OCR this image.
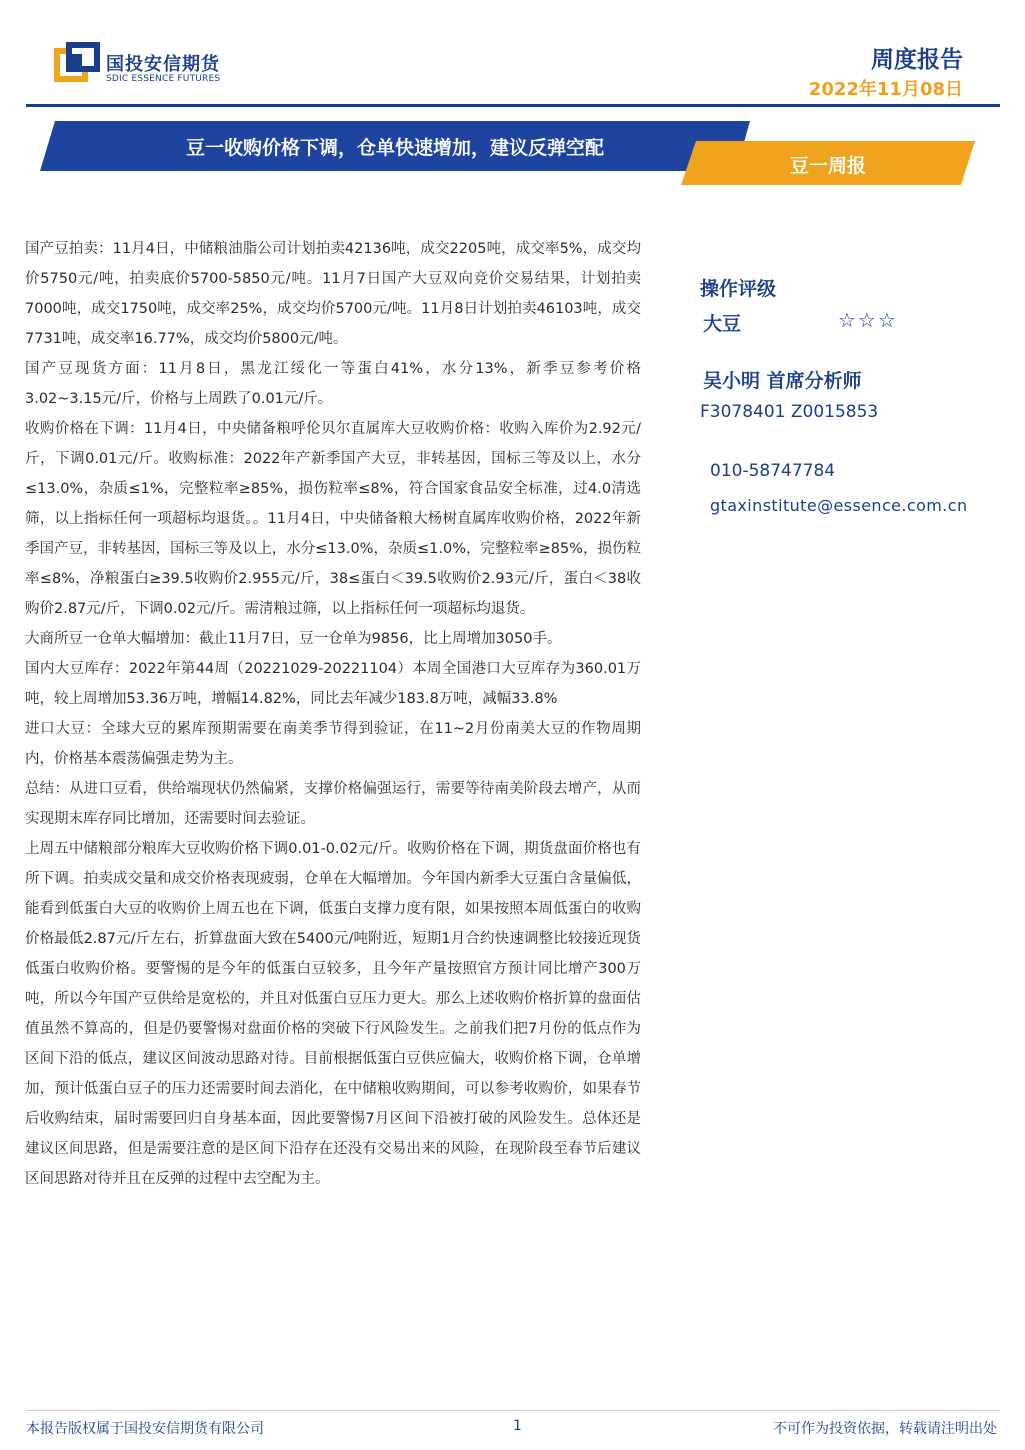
国投安信期货
SDIC ESSENCE FUTURES
周度报告
2022年11月08日
豆一收购价格下调，仓单快速增加，建议反弹空配
豆一周报

国产豆拍卖：11月4日，中储粮油脂公司计划拍卖42136吨，成交2205吨，成交率5%，成交均价5750元/吨，拍卖底价5700-5850元/吨。11月7日国产大豆双向竞价交易结果，计划拍卖7000吨，成交1750吨，成交率25%，成交均价5700元/吨。11月8日计划拍卖46103吨，成交7731吨，成交率16.77%，成交均价5800元/吨。

国产豆现货方面：11月8日，黑龙江绥化一等蛋白41%，水分13%，新季豆参考价格3.02~3.15元/斤，价格与上周跌了0.01元/斤。

收购价格在下调：11月4日，中央储备粮呼伦贝尔直属库大豆收购价格：收购入库价为2.92元/斤，下调0.01元/斤。收购标准：2022年产新季国产大豆，非转基因，国标三等及以上，水分≤13.0%，杂质≤1%，完整粒率≥85%，损伤粒率≤8%，符合国家食品安全标准，过4.0清选筛，以上指标任何一项超标均退货。。11月4日，中央储备粮大杨树直属库收购价格，2022年新季国产豆，非转基因，国标三等及以上，水分≤13.0%，杂质≤1.0%，完整粒率≥85%，损伤粒率≤8%，净粮蛋白≥39.5收购价2.955元/斤，38≤蛋白＜39.5收购价2.93元/斤，蛋白＜38收购价2.87元/斤，下调0.02元/斤。需清粮过筛，以上指标任何一项超标均退货。

大商所豆一仓单大幅增加：截止11月7日，豆一仓单为9856，比上周增加3050手。

国内大豆库存：2022年第44周（20221029-20221104）本周全国港口大豆库存为360.01万吨，较上周增加53.36万吨，增幅14.82%，同比去年减少183.8万吨，减幅33.8%

进口大豆：全球大豆的累库预期需要在南美季节得到验证，在11~2月份南美大豆的作物周期内，价格基本震荡偏强走势为主。

总结：从进口豆看，供给端现状仍然偏紧，支撑价格偏强运行，需要等待南美阶段去增产，从而实现期末库存同比增加，还需要时间去验证。

上周五中储粮部分粮库大豆收购价格下调0.01-0.02元/斤。收购价格在下调，期货盘面价格也有所下调。拍卖成交量和成交价格表现疲弱，仓单在大幅增加。今年国内新季大豆蛋白含量偏低，能看到低蛋白大豆的收购价上周五也在下调，低蛋白支撑力度有限，如果按照本周低蛋白的收购价格最低2.87元/斤左右，折算盘面大致在5400元/吨附近，短期1月合约快速调整比较接近现货低蛋白收购价格。要警惕的是今年的低蛋白豆较多，且今年产量按照官方预计同比增产300万吨，所以今年国产豆供给是宽松的，并且对低蛋白豆压力更大。那么上述收购价格折算的盘面估值虽然不算高的，但是仍要警惕对盘面价格的突破下行风险发生。之前我们把7月份的低点作为区间下沿的低点，建议区间波动思路对待。目前根据低蛋白豆供应偏大，收购价格下调，仓单增加，预计低蛋白豆子的压力还需要时间去消化，在中储粮收购期间，可以参考收购价，如果春节后收购结束，届时需要回归自身基本面，因此要警惕7月区间下沿被打破的风险发生。总体还是建议区间思路，但是需要注意的是区间下沿存在还没有交易出来的风险，在现阶段至春节后建议区间思路对待并且在反弹的过程中去空配为主。

操作评级
大豆	☆☆☆
吴小明 首席分析师
F3078401 Z0015853
010-58747784
gtaxinstitute@essence.com.cn
本报告版权属于国投安信期货有限公司	1	不可作为投资依据，转载请注明出处
